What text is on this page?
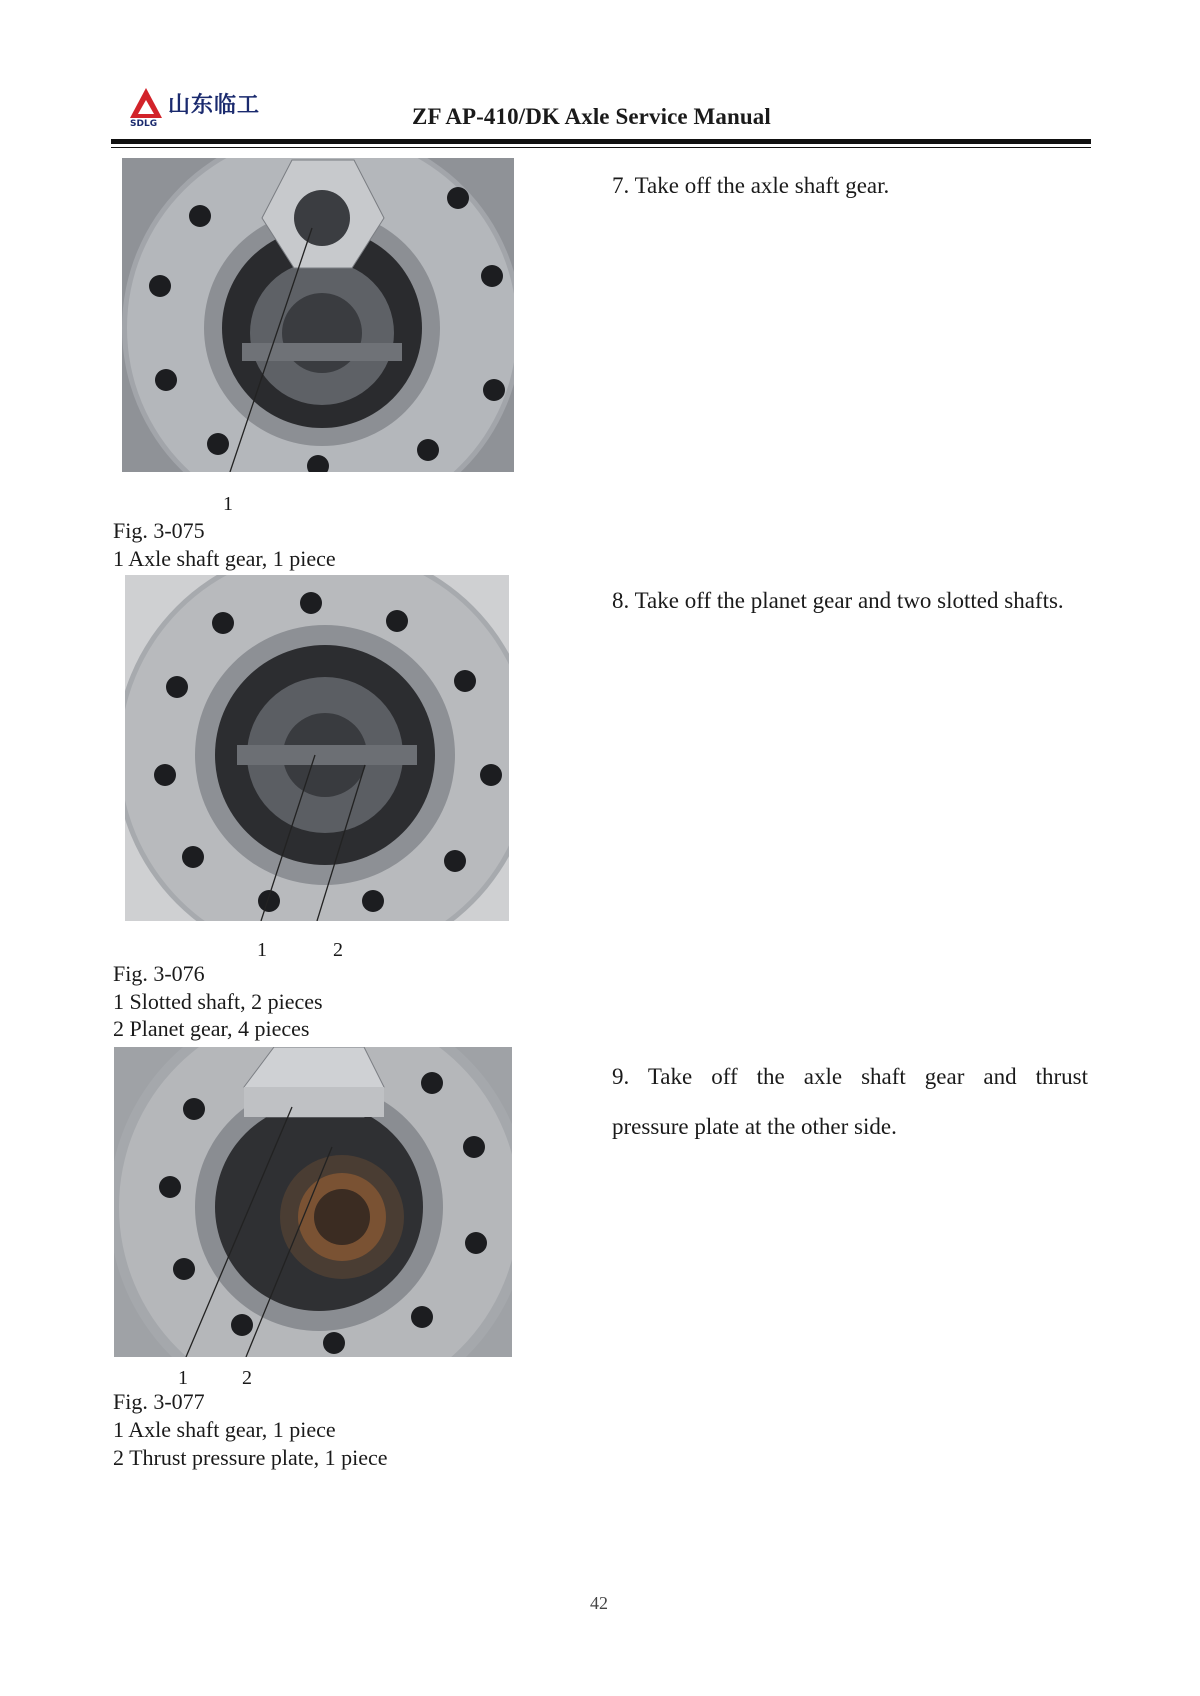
SDLG
山东临工	ZF AP-410/DK Axle Service Manual
1
Fig. 3-075
1 Axle shaft gear, 1 piece
7. Take off the axle shaft gear.
1	2
Fig. 3-076
1 Slotted shaft, 2 pieces
2 Planet gear, 4 pieces
8. Take off the planet gear and two slotted shafts.
1	2
Fig. 3-077
1 Axle shaft gear, 1 piece
2 Thrust pressure plate, 1 piece
9. Take off the axle shaft gear and thrust
pressure plate at the other side.
42
